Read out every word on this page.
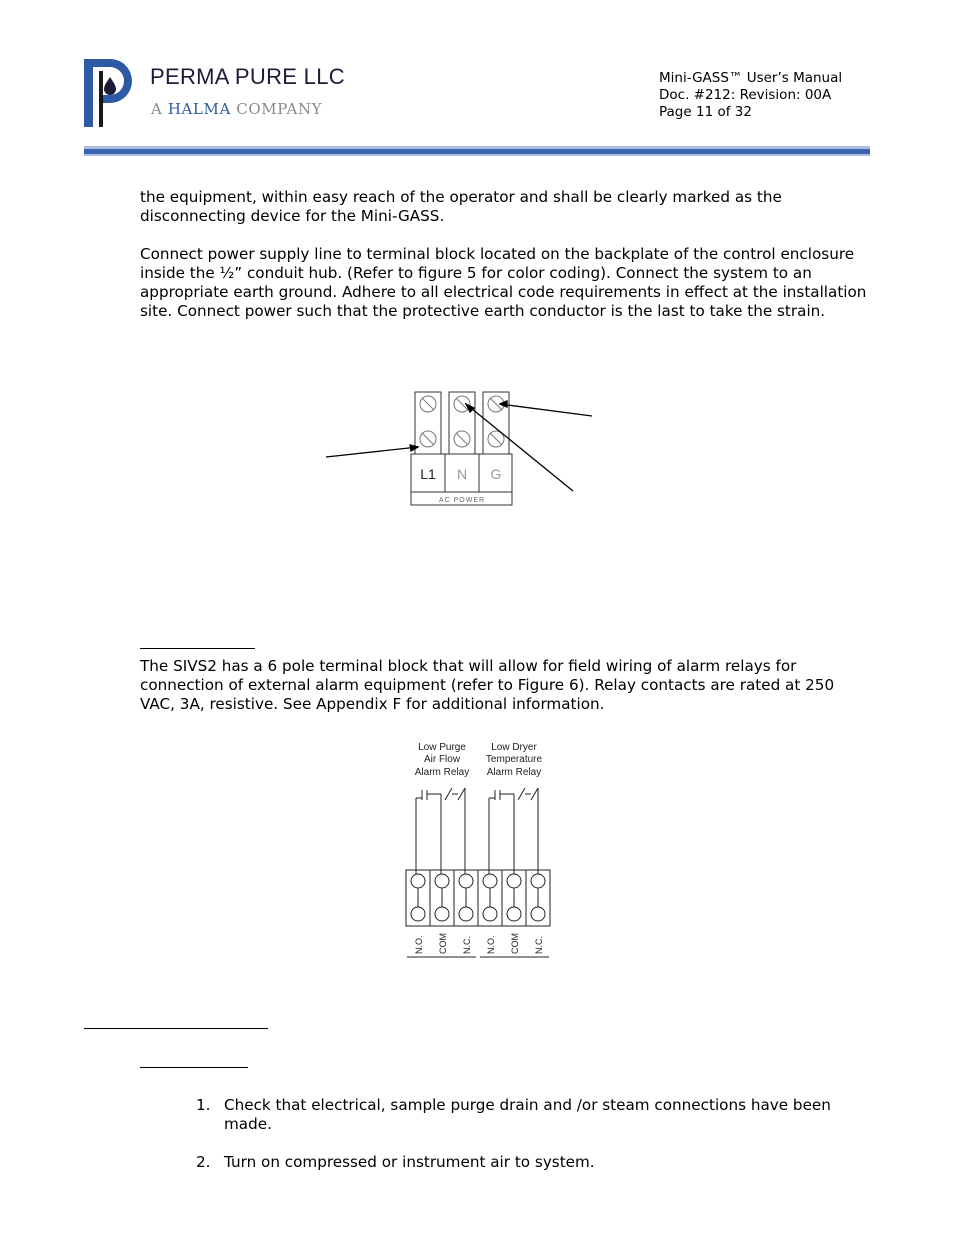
PERMA PURE LLC
A HALMA COMPANY
Mini-GASS™ User’s Manual
Doc. #212: Revision: 00A
Page 11 of 32

the equipment, within easy reach of the operator and shall be clearly marked as the disconnecting device for the Mini-GASS.

Connect power supply line to terminal block located on the backplate of the control enclosure inside the ½” conduit hub. (Refer to figure 5 for color coding). Connect the system to an appropriate earth ground. Adhere to all electrical code requirements in effect at the installation site. Connect power such that the protective earth conductor is the last to take the strain.

L1 N G
AC POWER

The SIVS2 has a 6 pole terminal block that will allow for field wiring of alarm relays for connection of external alarm equipment (refer to Figure 6). Relay contacts are rated at 250 VAC, 3A, resistive. See Appendix F for additional information.

Low Purge
Air Flow
Alarm Relay
Low Dryer
Temperature
Alarm Relay
N.O. COM N.C. N.O. COM N.C.
1. Check that electrical, sample purge drain and /or steam connections have been made.
2. Turn on compressed or instrument air to system.
